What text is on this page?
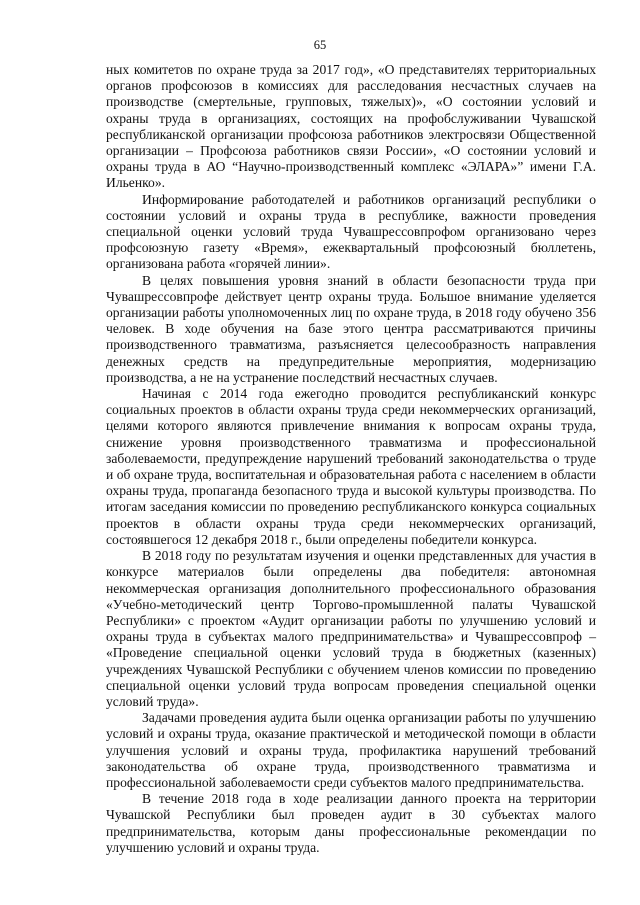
65

ных комитетов по охране труда за 2017 год», «О представителях территориальных органов профсоюзов в комиссиях для расследования несчастных случаев на производстве (смертельные, групповых, тяжелых)», «О состоянии условий и охраны труда в организациях, состоящих на профобслуживании Чувашской республиканской организации профсоюза работников электросвязи Общественной организации – Профсоюза работников связи России», «О состоянии условий и охраны труда в АО “Научно-производственный комплекс «ЭЛАРА»” имени Г.А. Ильенко».

Информирование работодателей и работников организаций республики о состоянии условий и охраны труда в республике, важности проведения специальной оценки условий труда Чувашрессовпрофом организовано через профсоюзную газету «Время», ежеквартальный профсоюзный бюллетень, организована работа «горячей линии».

В целях повышения уровня знаний в области безопасности труда при Чувашрессовпрофе действует центр охраны труда. Большое внимание уделяется организации работы уполномоченных лиц по охране труда, в 2018 году обучено 356 человек. В ходе обучения на базе этого центра рассматриваются причины производственного травматизма, разъясняется целесообразность направления денежных средств на предупредительные мероприятия, модернизацию производства, а не на устранение последствий несчастных случаев.

Начиная с 2014 года ежегодно проводится республиканский конкурс социальных проектов в области охраны труда среди некоммерческих организаций, целями которого являются привлечение внимания к вопросам охраны труда, снижение уровня производственного травматизма и профессиональной заболеваемости, предупреждение нарушений требований законодательства о труде и об охране труда, воспитательная и образовательная работа с населением в области охраны труда, пропаганда безопасного труда и высокой культуры производства. По итогам заседания комиссии по проведению республиканского конкурса социальных проектов в области охраны труда среди некоммерческих организаций, состоявшегося 12 декабря 2018 г., были определены победители конкурса.

В 2018 году по результатам изучения и оценки представленных для участия в конкурсе материалов были определены два победителя: автономная некоммерческая организация дополнительного профессионального образования «Учебно-методический центр Торгово-промышленной палаты Чувашской Республики» с проектом «Аудит организации работы по улучшению условий и охраны труда в субъектах малого предпринимательства» и Чувашрессовпроф – «Проведение специальной оценки условий труда в бюджетных (казенных) учреждениях Чувашской Республики с обучением членов комиссии по проведению специальной оценки условий труда вопросам проведения специальной оценки условий труда».

Задачами проведения аудита были оценка организации работы по улучшению условий и охраны труда, оказание практической и методической помощи в области улучшения условий и охраны труда, профилактика нарушений требований законодательства об охране труда, производственного травматизма и профессиональной заболеваемости среди субъектов малого предпринимательства.

В течение 2018 года в ходе реализации данного проекта на территории Чувашской Республики был проведен аудит в 30 субъектах малого предпринимательства, которым даны профессиональные рекомендации по улучшению условий и охраны труда.
